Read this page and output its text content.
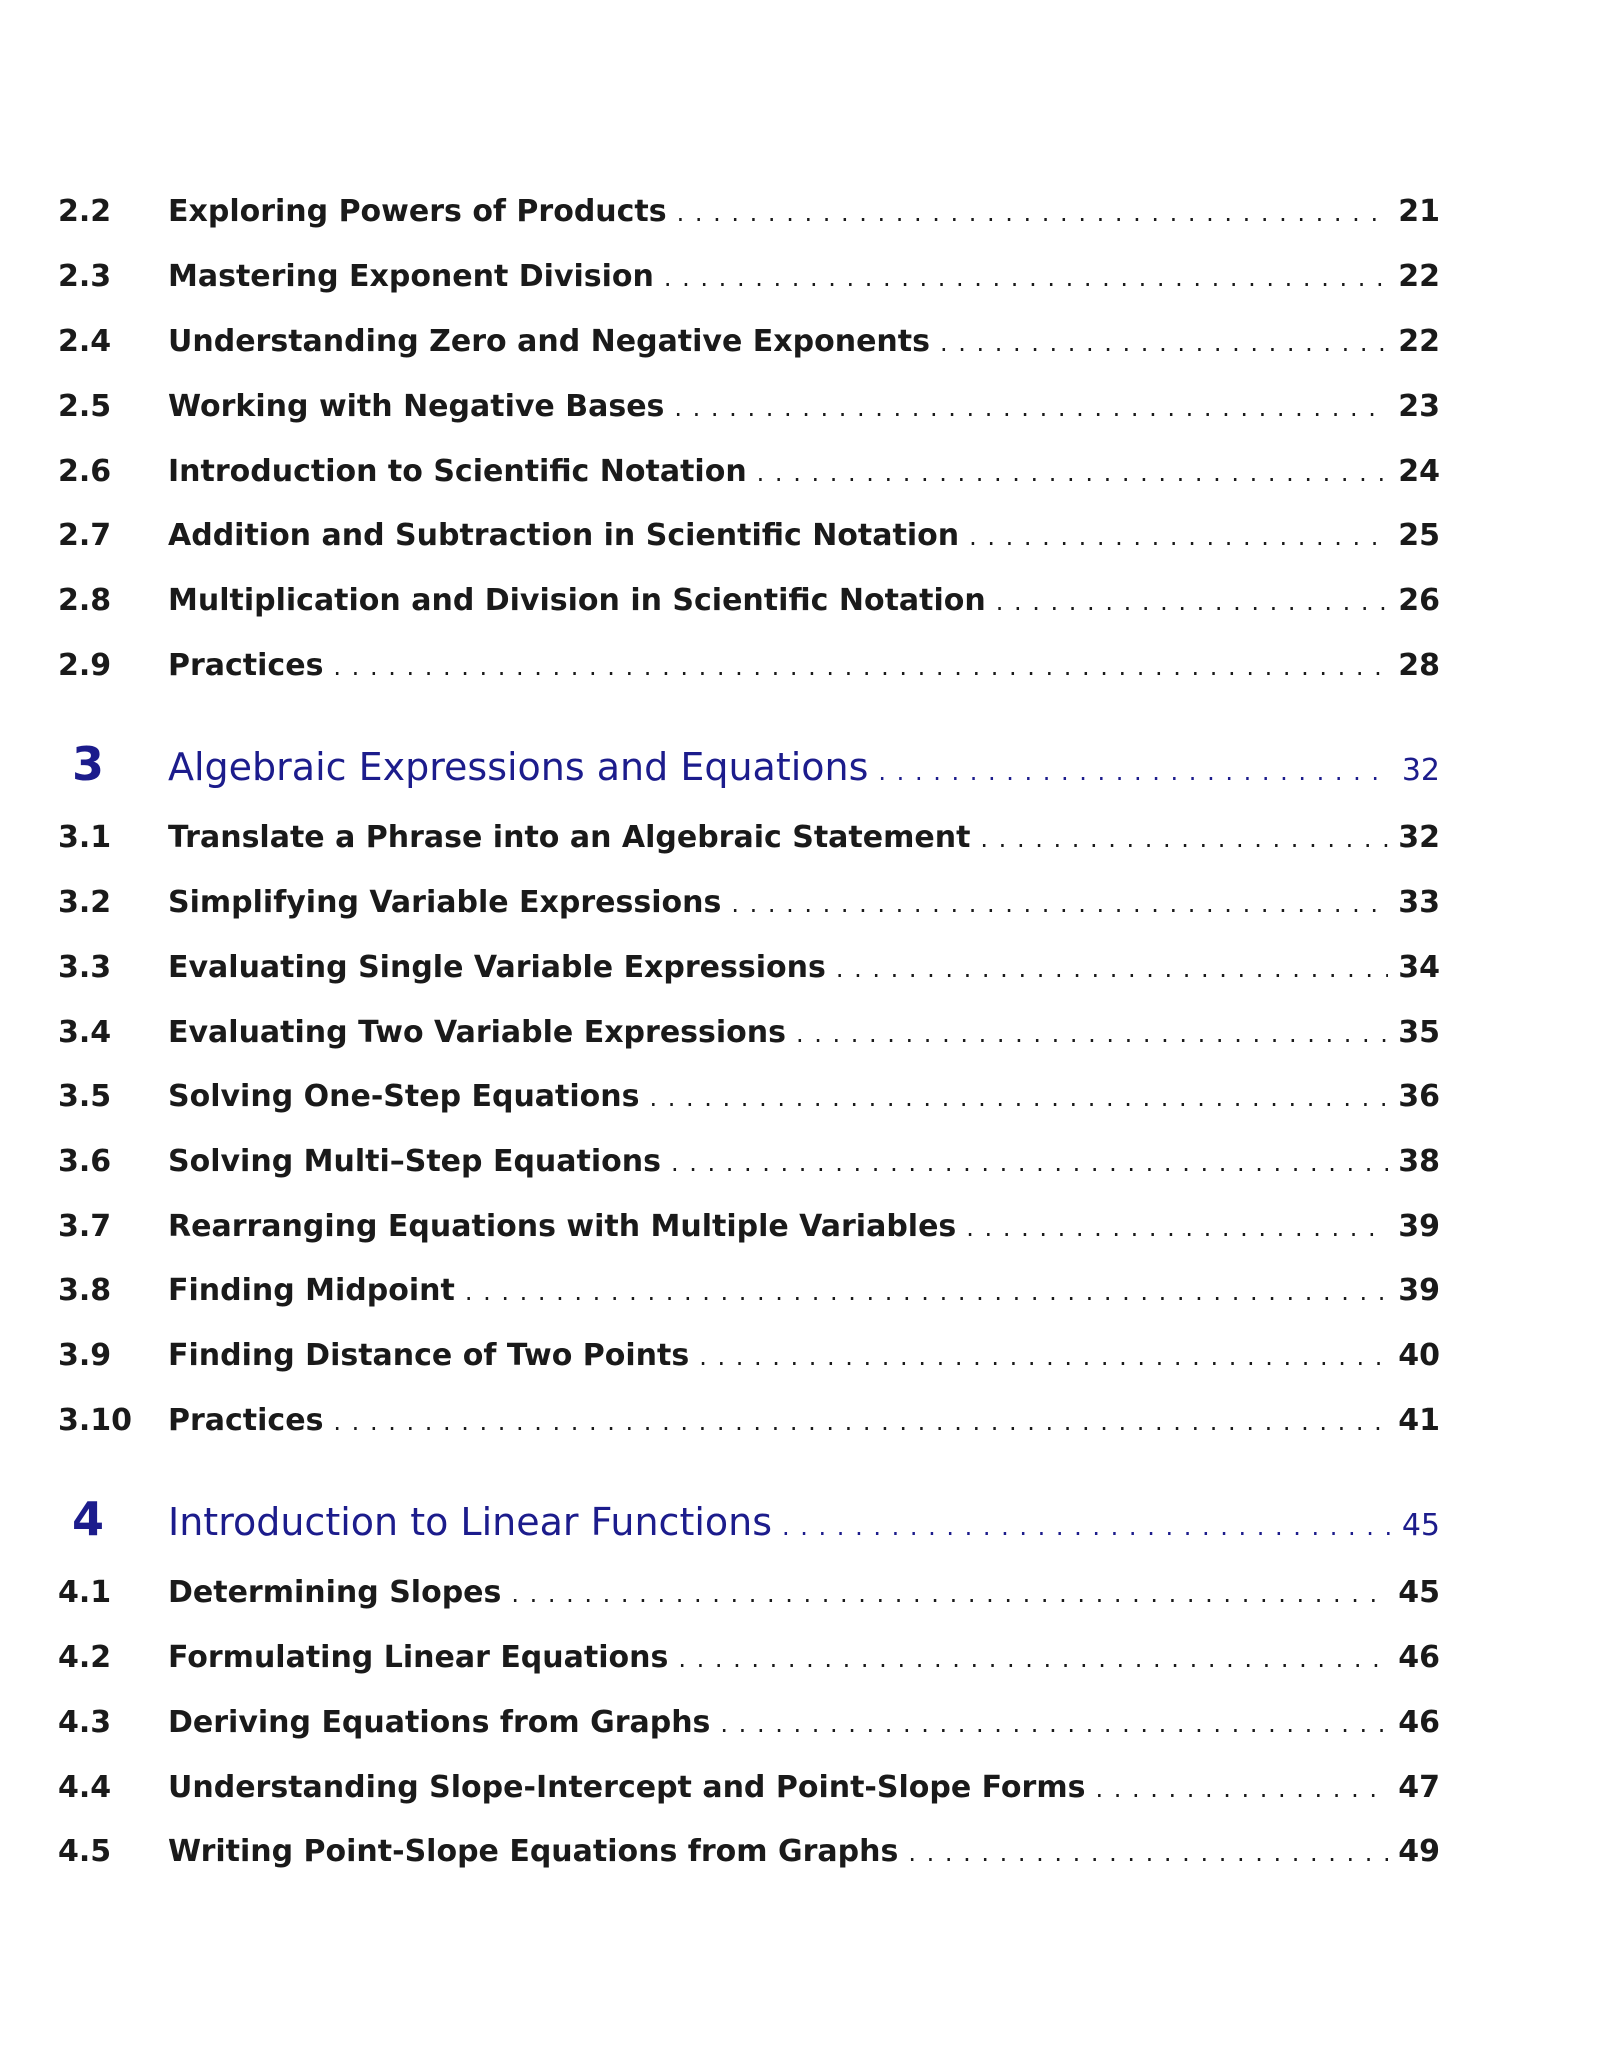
2.2	Exploring Powers of Products . . .	21
2.3	Mastering Exponent Division . . .	22
2.4	Understanding Zero and Negative Exponents . . .	22
2.5	Working with Negative Bases . . .	23
2.6	Introduction to Scientific Notation . . .	24
2.7	Addition and Subtraction in Scientific Notation . . .	25
2.8	Multiplication and Division in Scientific Notation . . .	26
2.9	Practices . . .	28
3	Algebraic Expressions and Equations . . .	32
3.1	Translate a Phrase into an Algebraic Statement . . .	32
3.2	Simplifying Variable Expressions . . .	33
3.3	Evaluating Single Variable Expressions . . .	34
3.4	Evaluating Two Variable Expressions . . .	35
3.5	Solving One-Step Equations . . .	36
3.6	Solving Multi–Step Equations . . .	38
3.7	Rearranging Equations with Multiple Variables . . .	39
3.8	Finding Midpoint . . .	39
3.9	Finding Distance of Two Points . . .	40
3.10	Practices . . .	41
4	Introduction to Linear Functions . . .	45
4.1	Determining Slopes . . .	45
4.2	Formulating Linear Equations . . .	46
4.3	Deriving Equations from Graphs . . .	46
4.4	Understanding Slope-Intercept and Point-Slope Forms . . .	47
4.5	Writing Point-Slope Equations from Graphs . . .	49
